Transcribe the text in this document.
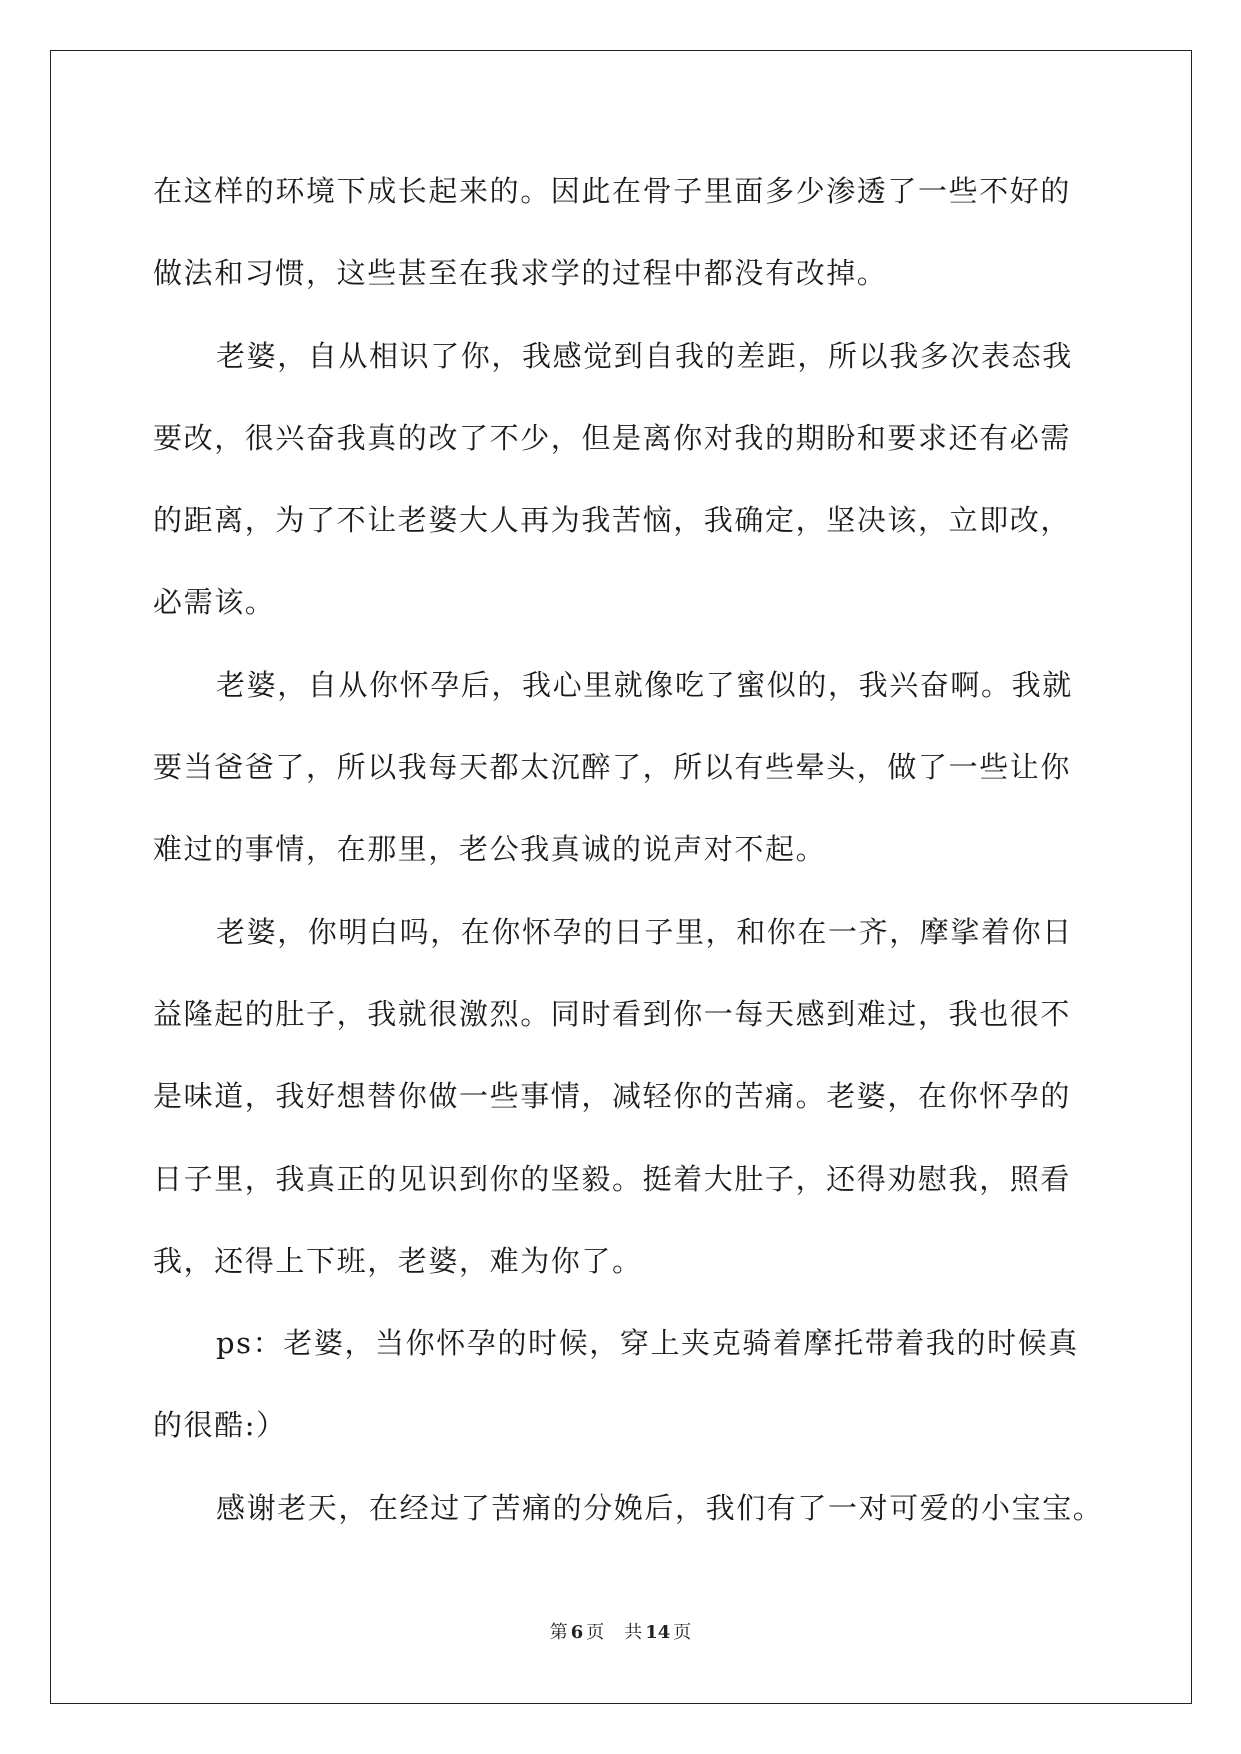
在这样的环境下成长起来的。因此在骨子里面多少渗透了一些不好的
做法和习惯，这些甚至在我求学的过程中都没有改掉。
老婆，自从相识了你，我感觉到自我的差距，所以我多次表态我
要改，很兴奋我真的改了不少，但是离你对我的期盼和要求还有必需
的距离，为了不让老婆大人再为我苦恼，我确定，坚决该，立即改，
必需该。
老婆，自从你怀孕后，我心里就像吃了蜜似的，我兴奋啊。我就
要当爸爸了，所以我每天都太沉醉了，所以有些晕头，做了一些让你
难过的事情，在那里，老公我真诚的说声对不起。
老婆，你明白吗，在你怀孕的日子里，和你在一齐，摩挲着你日
益隆起的肚子，我就很激烈。同时看到你一每天感到难过，我也很不
是味道，我好想替你做一些事情，减轻你的苦痛。老婆，在你怀孕的
日子里，我真正的见识到你的坚毅。挺着大肚子，还得劝慰我，照看
我，还得上下班，老婆，难为你了。
ps：老婆，当你怀孕的时候，穿上夹克骑着摩托带着我的时候真
的很酷:）
感谢老天，在经过了苦痛的分娩后，我们有了一对可爱的小宝宝。
第 6 页 共 14 页
